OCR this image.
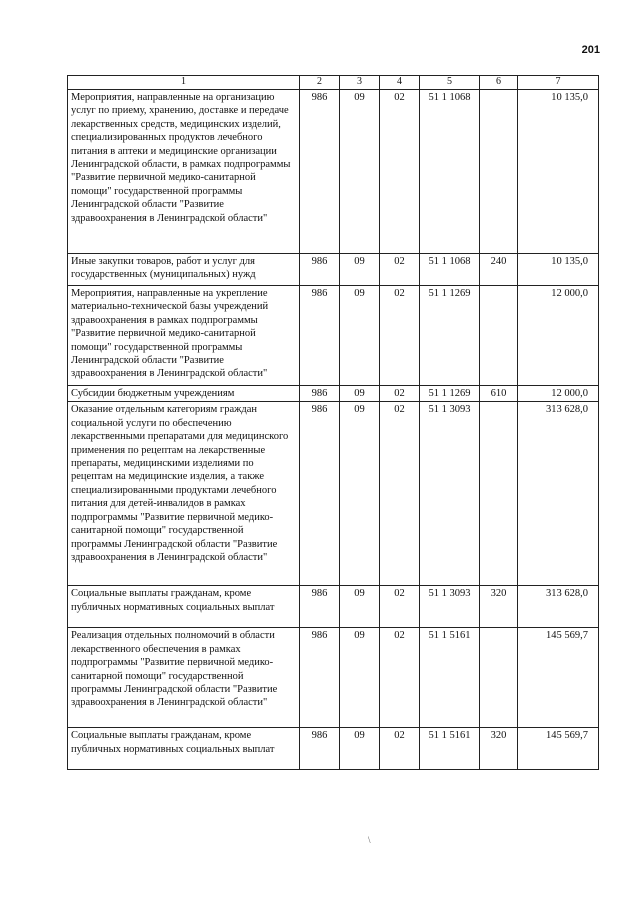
201
1	2	3	4	5	6	7
Мероприятия, направленные на организацию услуг по приему, хранению, доставке и передаче лекарственных средств, медицинских изделий, специализированных продуктов лечебного питания в аптеки и медицинские организации Ленинградской области, в рамках подпрограммы "Развитие первичной медико-санитарной помощи" государственной программы Ленинградской области "Развитие здравоохранения в Ленинградской области"	986	09	02	51 1 1068		10 135,0
Иные закупки товаров, работ и услуг для государственных (муниципальных) нужд	986	09	02	51 1 1068	240	10 135,0
Мероприятия, направленные на укрепление материально-технической базы учреждений здравоохранения в рамках подпрограммы "Развитие первичной медико-санитарной помощи" государственной программы Ленинградской области "Развитие здравоохранения в Ленинградской области"	986	09	02	51 1 1269		12 000,0
Субсидии бюджетным учреждениям	986	09	02	51 1 1269	610	12 000,0
Оказание отдельным категориям граждан социальной услуги по обеспечению лекарственными препаратами для медицинского применения по рецептам на лекарственные препараты, медицинскими изделиями по рецептам на медицинские изделия, а также специализированными продуктами лечебного питания для детей-инвалидов в рамках подпрограммы "Развитие первичной медико-санитарной помощи" государственной программы Ленинградской области "Развитие здравоохранения в Ленинградской области"	986	09	02	51 1 3093		313 628,0
Социальные выплаты гражданам, кроме публичных нормативных социальных выплат	986	09	02	51 1 3093	320	313 628,0
Реализация отдельных полномочий в области лекарственного обеспечения в рамках подпрограммы "Развитие первичной медико-санитарной помощи" государственной программы Ленинградской области "Развитие здравоохранения в Ленинградской области"	986	09	02	51 1 5161		145 569,7
Социальные выплаты гражданам, кроме публичных нормативных социальных выплат	986	09	02	51 1 5161	320	145 569,7
\
